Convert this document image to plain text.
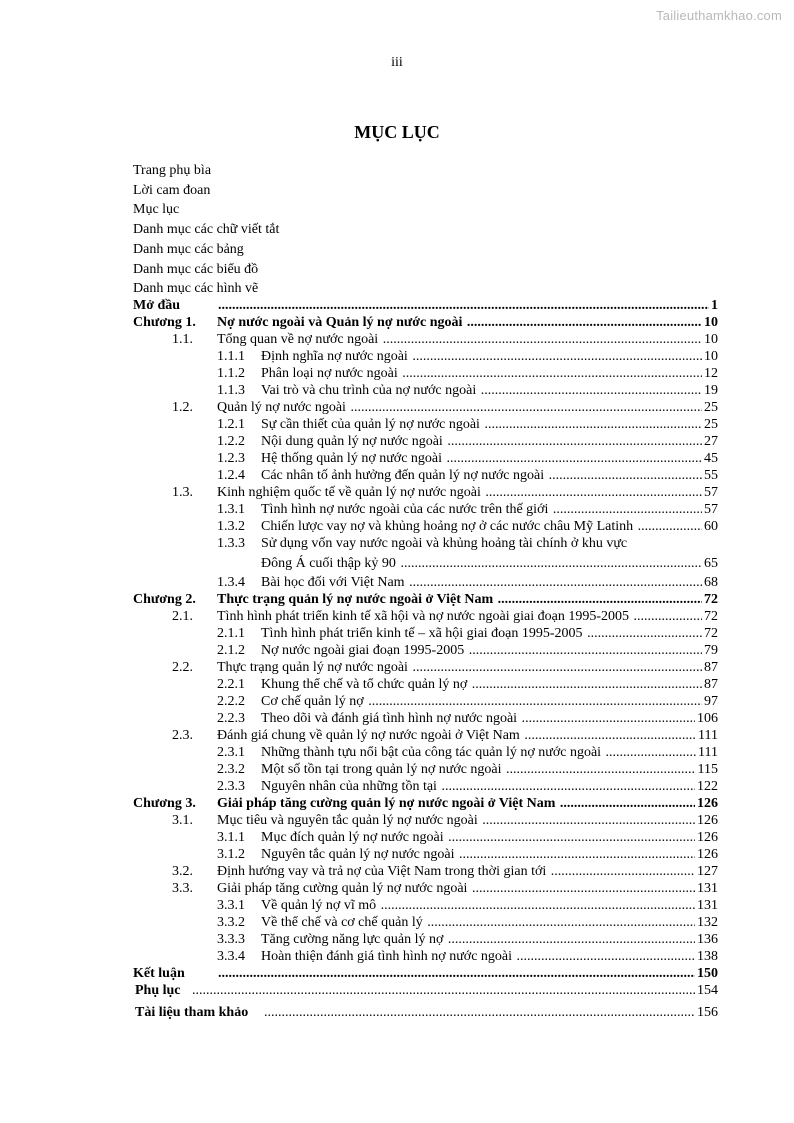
Tailieuthamkhao.com
iii
MỤC LỤC
Trang phụ bìa
Lời cam đoan
Mục lục
Danh mục các chữ viết tắt
Danh mục các bảng
Danh mục các biểu đồ
Danh mục các hình vẽ
Mở đầu	1
.....
Chương 1. Nợ nước ngoài và Quản lý nợ nước ngoài	10
.....
1.1. Tổng quan về nợ nước ngoài	10
.....
1.1.1 Định nghĩa nợ nước ngoài	10
.....
1.1.2 Phân loại nợ nước ngoài	12
.....
1.1.3 Vai trò và chu trình của nợ nước ngoài	19
.....
1.2. Quản lý nợ nước ngoài	25
.....
1.2.1 Sự cần thiết của quản lý nợ nước ngoài	25
.....
1.2.2 Nội dung quản lý nợ nước ngoài	27
.....
1.2.3 Hệ thống quản lý nợ nước ngoài	45
.....
1.2.4 Các nhân tố ảnh hưởng đến quản lý nợ nước ngoài	55
.....
1.3. Kinh nghiệm quốc tế về quản lý nợ nước ngoài	57
.....
1.3.1 Tình hình nợ nước ngoài của các nước trên thế giới	57
.....
1.3.2 Chiến lược vay nợ và khủng hoảng nợ ở các nước châu Mỹ Latinh	60
.....
1.3.3 Sử dụng vốn vay nước ngoài và khủng hoảng tài chính ở khu vực
Đông Á cuối thập kỷ 90	65
.....
1.3.4 Bài học đối với Việt Nam	68
.....
Chương 2. Thực trạng quản lý nợ nước ngoài ở Việt Nam	72
.....
2.1. Tình hình phát triển kinh tế xã hội và nợ nước ngoài giai đoạn 1995-2005	72
.....
2.1.1 Tình hình phát triển kinh tế – xã hội giai đoạn 1995-2005	72
.....
2.1.2 Nợ nước ngoài giai đoạn 1995-2005	79
.....
2.2. Thực trạng quản lý nợ nước ngoài	87
.....
2.2.1 Khung thể chế và tổ chức quản lý nợ	87
.....
2.2.2 Cơ chế quản lý nợ	97
.....
2.2.3 Theo dõi và đánh giá tình hình nợ nước ngoài	106
.....
2.3. Đánh giá chung về quản lý nợ nước ngoài ở Việt Nam	111
.....
2.3.1 Những thành tựu nổi bật của công tác quản lý nợ nước ngoài	111
.....
2.3.2 Một số tồn tại trong quản lý nợ nước ngoài	115
.....
2.3.3 Nguyên nhân của những tồn tại	122
.....
Chương 3. Giải pháp tăng cường quản lý nợ nước ngoài ở Việt Nam	126
.....
3.1. Mục tiêu và nguyên tắc quản lý nợ nước ngoài	126
.....
3.1.1 Mục đích quản lý nợ nước ngoài	126
.....
3.1.2 Nguyên tắc quản lý nợ nước ngoài	126
.....
3.2. Định hướng vay và trả nợ của Việt Nam trong thời gian tới	127
.....
3.3. Giải pháp tăng cường quản lý nợ nước ngoài	131
.....
3.3.1 Về quản lý nợ vĩ mô	131
.....
3.3.2 Về thể chế và cơ chế quản lý	132
.....
3.3.3 Tăng cường năng lực quản lý nợ	136
.....
3.3.4 Hoàn thiện đánh giá tình hình nợ nước ngoài	138
.....
Kết luận	150
.....
Phụ lục	154
.....
Tài liệu tham khảo	156
.....
